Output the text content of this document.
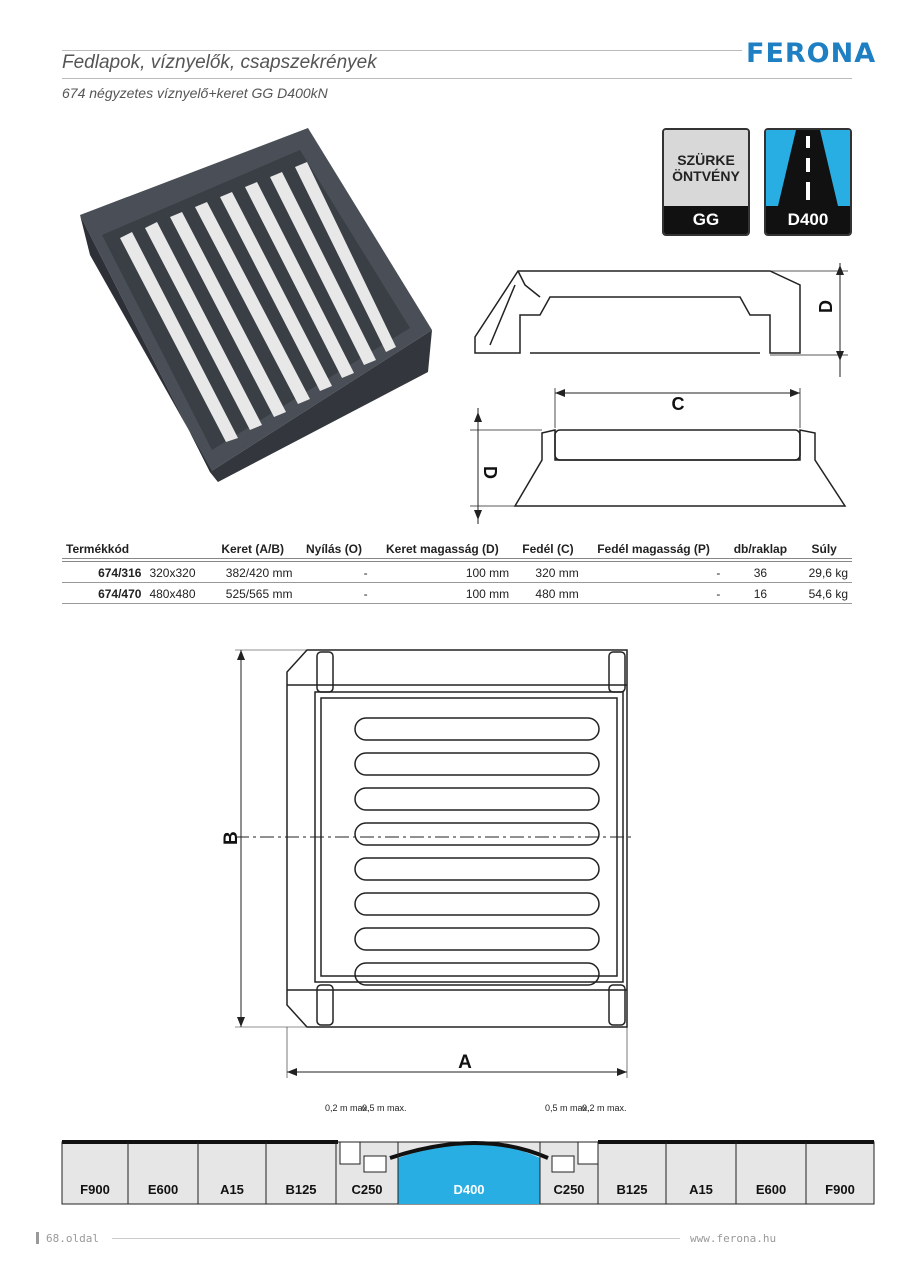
Fedlapok, víznyelők, csapszekrények
674 négyzetes víznyelő+keret GG D400kN
FERONA
SZÜRKE
ÖNTVÉNY
GG	D400
D
C
D
Termékkód		Keret (A/B)	Nyílás (O)	Keret magasság (D)	Fedél (C)	Fedél magasság (P)	db/raklap	Súly
674/316	320x320	382/420 mm	-	100 mm	320 mm	-	36	29,6 kg
674/470	480x480	525/565 mm	-	100 mm	480 mm	-	16	54,6 kg
B
A
F900	E600	A15	B125	C250	D400	C250	B125	A15	E600	F900
0,2 m max.
0,5 m max.	0,5 m max.
0,2 m max.
68.oldal	www.ferona.hu
